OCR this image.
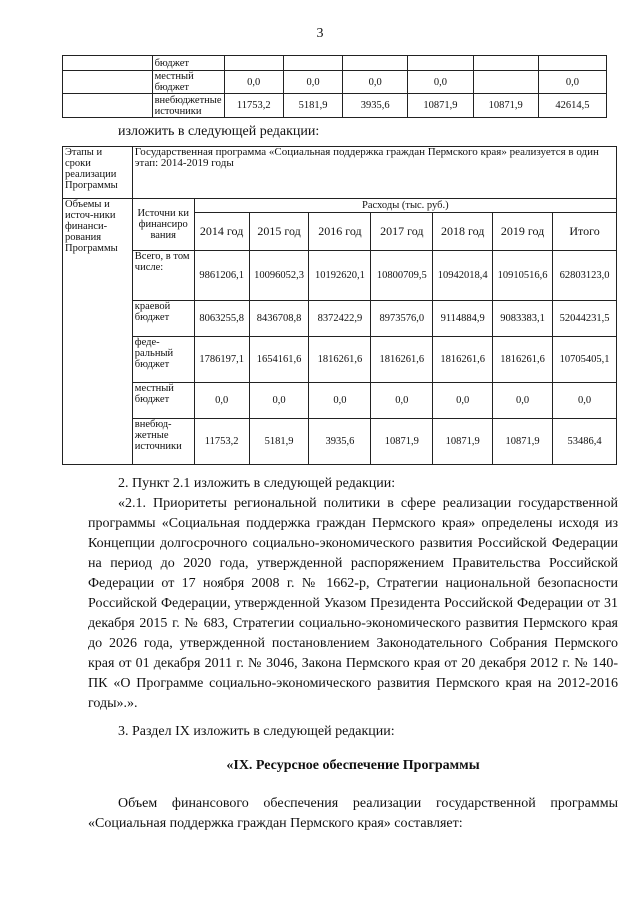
3
	бюджет						
	местный бюджет	0,0	0,0	0,0	0,0		0,0
	внебюджетные источники	11753,2	5181,9	3935,6	10871,9	10871,9	42614,5
изложить в следующей редакции:
Этапы и сроки реализации Программы	Государственная программа «Социальная поддержка граждан Пермского края» реализуется в один этап: 2014-2019 годы							
Объемы и источ-ники финанси-рования Программы	Источни ки финансиро вания	Расходы (тыс. руб.)						
		2014 год	2015 год	2016 год	2017 год	2018 год	2019 год	Итого
	Всего, в том числе:	9861206,1	10096052,3	10192620,1	10800709,5	10942018,4	10910516,6	62803123,0
	краевой бюджет	8063255,8	8436708,8	8372422,9	8973576,0	9114884,9	9083383,1	52044231,5
	феде-ральный бюджет	1786197,1	1654161,6	1816261,6	1816261,6	1816261,6	1816261,6	10705405,1
	местный бюджет	0,0	0,0	0,0	0,0	0,0	0,0	0,0
	внебюд-жетные источники	11753,2	5181,9	3935,6	10871,9	10871,9	10871,9	53486,4
2. Пункт 2.1 изложить в следующей редакции:
«2.1. Приоритеты региональной политики в сфере реализации государственной программы «Социальная поддержка граждан Пермского края» определены исходя из Концепции долгосрочного социально-экономического развития Российской Федерации на период до 2020 года, утвержденной распоряжением Правительства Российской Федерации от 17 ноября 2008 г. № 1662-р, Стратегии национальной безопасности Российской Федерации, утвержденной Указом Президента Российской Федерации от 31 декабря 2015 г. № 683, Стратегии социально-экономического развития Пермского края до 2026 года, утвержденной постановлением Законодательного Собрания Пермского края от 01 декабря 2011 г. № 3046, Закона Пермского края от 20 декабря 2012 г. № 140-ПК «О Программе социально-экономического развития Пермского края на 2012-2016 годы».».
3. Раздел IX изложить в следующей редакции:
«IX. Ресурсное обеспечение Программы
Объем финансового обеспечения реализации государственной программы «Социальная поддержка граждан Пермского края» составляет:
